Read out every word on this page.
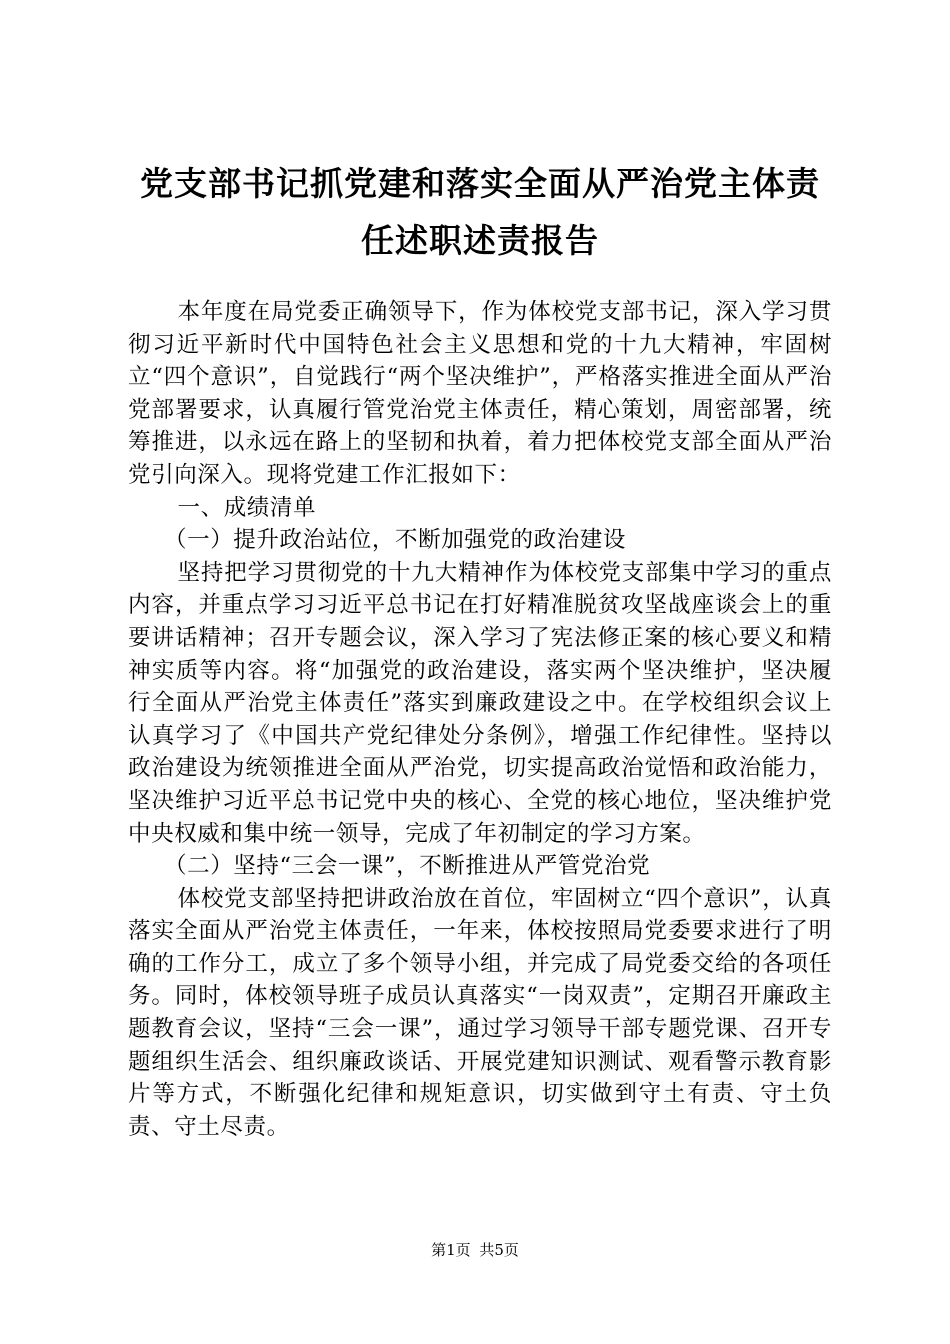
党支部书记抓党建和落实全面从严治党主体责
任述职述责报告

本年度在局党委正确领导下，作为体校党支部书记，深入学习贯彻习近平新时代中国特色社会主义思想和党的十九大精神，牢固树立“四个意识”，自觉践行“两个坚决维护”，严格落实推进全面从严治党部署要求，认真履行管党治党主体责任，精心策划，周密部署，统筹推进，以永远在路上的坚韧和执着，着力把体校党支部全面从严治党引向深入。现将党建工作汇报如下：

一、成绩清单

（一）提升政治站位，不断加强党的政治建设

坚持把学习贯彻党的十九大精神作为体校党支部集中学习的重点内容，并重点学习习近平总书记在打好精准脱贫攻坚战座谈会上的重要讲话精神；召开专题会议，深入学习了宪法修正案的核心要义和精神实质等内容。将“加强党的政治建设，落实两个坚决维护，坚决履行全面从严治党主体责任”落实到廉政建设之中。在学校组织会议上认真学习了《中国共产党纪律处分条例》，增强工作纪律性。坚持以政治建设为统领推进全面从严治党，切实提高政治觉悟和政治能力，坚决维护习近平总书记党中央的核心、全党的核心地位，坚决维护党中央权威和集中统一领导，完成了年初制定的学习方案。

（二）坚持“三会一课”，不断推进从严管党治党

体校党支部坚持把讲政治放在首位，牢固树立“四个意识”，认真落实全面从严治党主体责任，一年来，体校按照局党委要求进行了明确的工作分工，成立了多个领导小组，并完成了局党委交给的各项任务。同时，体校领导班子成员认真落实“一岗双责”，定期召开廉政主题教育会议，坚持“三会一课”，通过学习领导干部专题党课、召开专题组织生活会、组织廉政谈话、开展党建知识测试、观看警示教育影片等方式，不断强化纪律和规矩意识，切实做到守土有责、守土负责、守土尽责。

第1页 共5页
